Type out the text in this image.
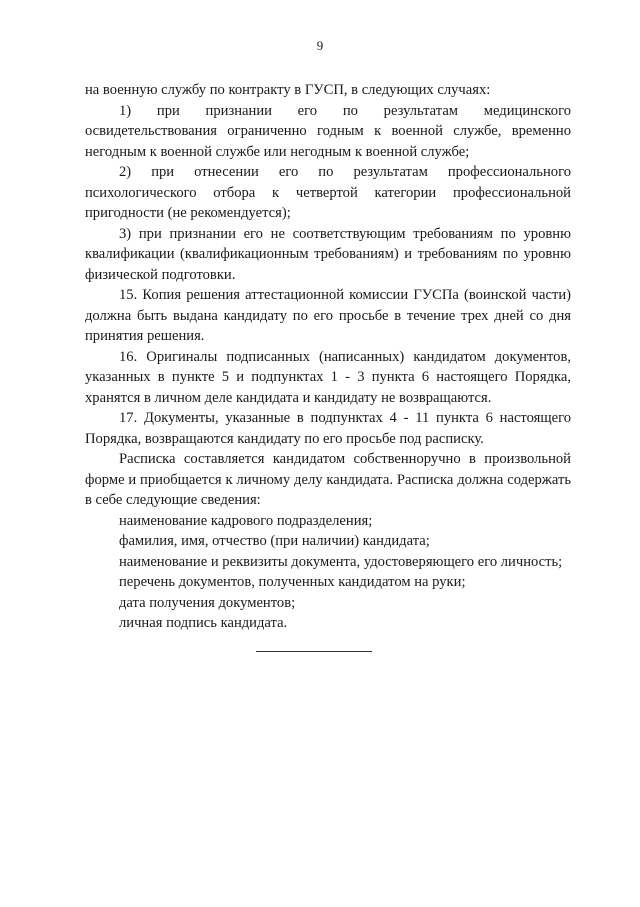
9

на военную службу по контракту в ГУСП, в следующих случаях:

1) при признании его по результатам медицинского освидетельствования ограниченно годным к военной службе, временно негодным к военной службе или негодным к военной службе;

2) при отнесении его по результатам профессионального психологического отбора к четвертой категории профессиональной пригодности (не рекомендуется);

3) при признании его не соответствующим требованиям по уровню квалификации (квалификационным требованиям) и требованиям по уровню физической подготовки.

15. Копия решения аттестационной комиссии ГУСПа (воинской части) должна быть выдана кандидату по его просьбе в течение трех дней со дня принятия решения.

16. Оригиналы подписанных (написанных) кандидатом документов, указанных в пункте 5 и подпунктах 1 - 3 пункта 6 настоящего Порядка, хранятся в личном деле кандидата и кандидату не возвращаются.

17. Документы, указанные в подпунктах 4 - 11 пункта 6 настоящего Порядка, возвращаются кандидату по его просьбе под расписку.

Расписка составляется кандидатом собственноручно в произвольной форме и приобщается к личному делу кандидата. Расписка должна содержать в себе следующие сведения:

наименование кадрового подразделения;

фамилия, имя, отчество (при наличии) кандидата;

наименование и реквизиты документа, удостоверяющего его личность;

перечень документов, полученных кандидатом на руки;

дата получения документов;

личная подпись кандидата.
